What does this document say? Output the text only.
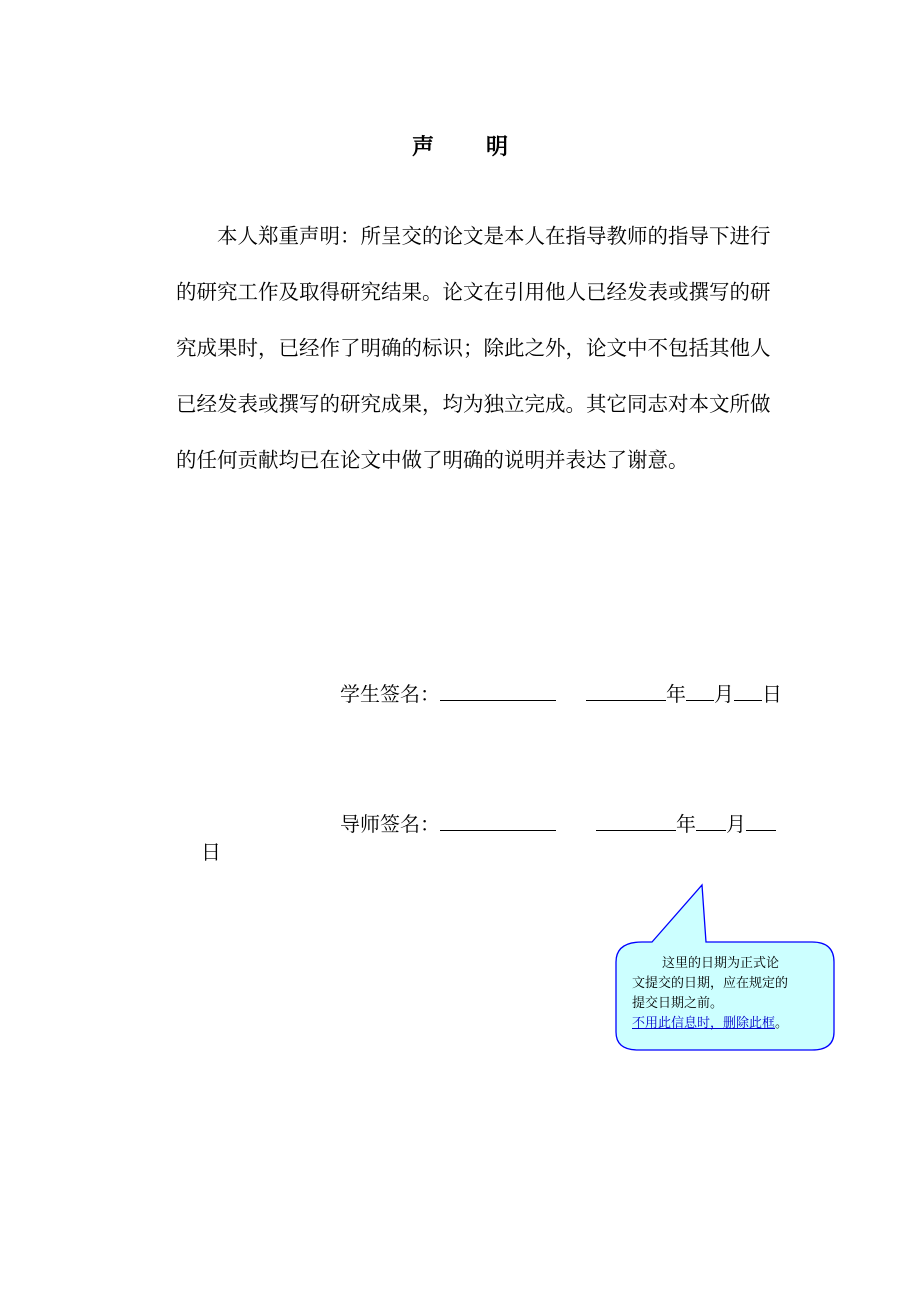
声 明
本人郑重声明：所呈交的论文是本人在指导教师的指导下进行
的研究工作及取得研究结果。论文在引用他人已经发表或撰写的研
究成果时，已经作了明确的标识；除此之外，论文中不包括其他人
已经发表或撰写的研究成果，均为独立完成。其它同志对本文所做
的任何贡献均已在论文中做了明确的说明并表达了谢意。
学生签名：	年 月 日
导师签名：	年 月
日
这里的日期为正式论
文提交的日期，应在规定的
提交日期之前。
不用此信息时，删除此框。
